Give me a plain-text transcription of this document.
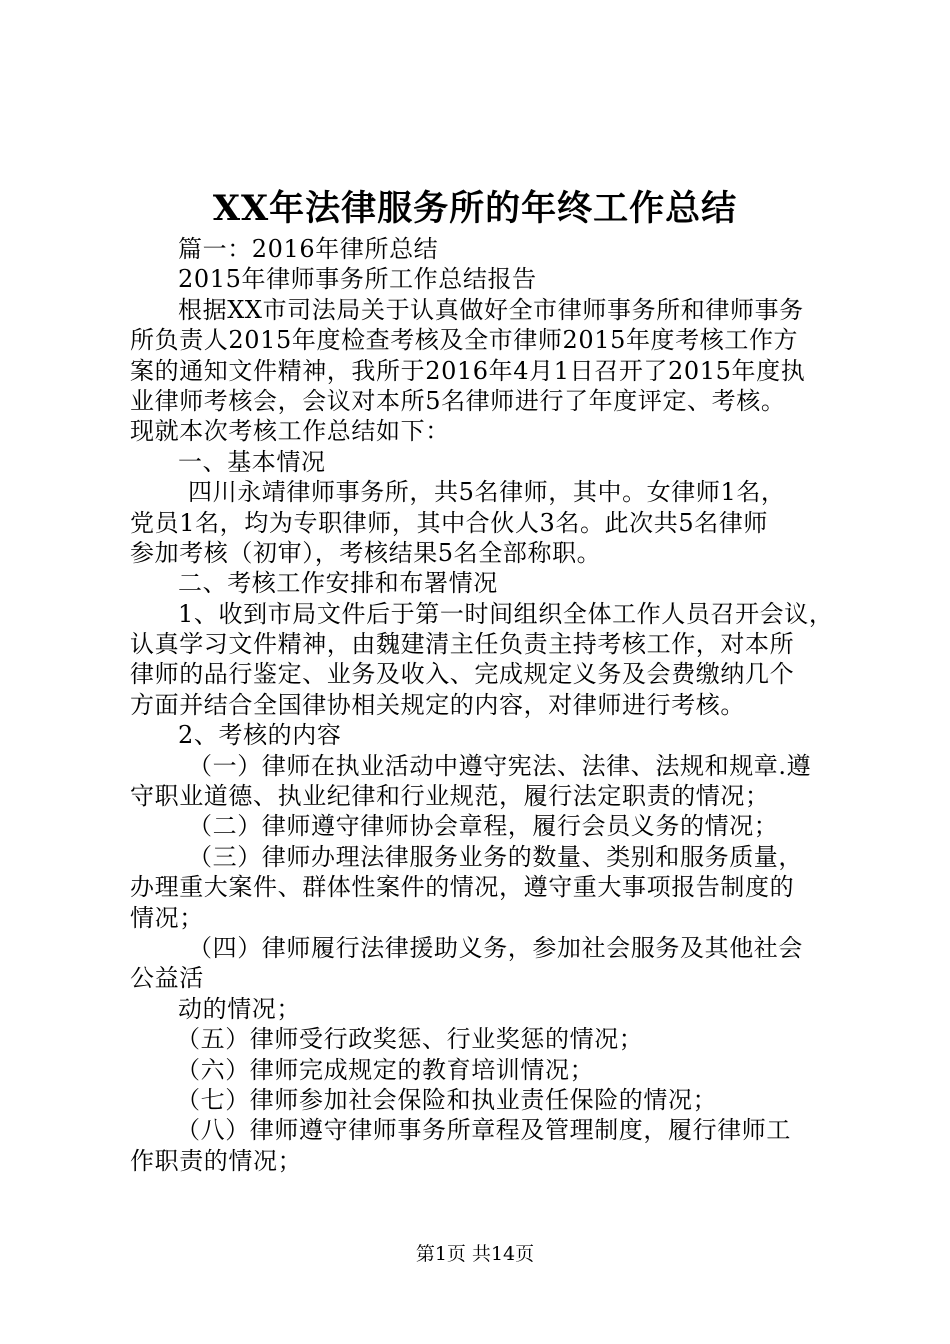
XX年法律服务所的年终工作总结
篇一：2016年律所总结
2015年律师事务所工作总结报告
根据XX市司法局关于认真做好全市律师事务所和律师事务
所负责人2015年度检查考核及全市律师2015年度考核工作方
案的通知文件精神，我所于2016年4月1日召开了2015年度执
业律师考核会，会议对本所5名律师进行了年度评定、考核。
现就本次考核工作总结如下：
一、基本情况
四川永靖律师事务所，共5名律师，其中。女律师1名，
党员1名，均为专职律师，其中合伙人3名。此次共5名律师
参加考核（初审），考核结果5名全部称职。
二、考核工作安排和布署情况
1、收到市局文件后于第一时间组织全体工作人员召开会议，
认真学习文件精神，由魏建清主任负责主持考核工作，对本所
律师的品行鉴定、业务及收入、完成规定义务及会费缴纳几个
方面并结合全国律协相关规定的内容，对律师进行考核。
2、考核的内容
（一）律师在执业活动中遵守宪法、法律、法规和规章.遵
守职业道德、执业纪律和行业规范，履行法定职责的情况；
（二）律师遵守律师协会章程，履行会员义务的情况；
（三）律师办理法律服务业务的数量、类别和服务质量，
办理重大案件、群体性案件的情况，遵守重大事项报告制度的
情况；
（四）律师履行法律援助义务，参加社会服务及其他社会
公益活
动的情况；
（五）律师受行政奖惩、行业奖惩的情况；
（六）律师完成规定的教育培训情况；
（七）律师参加社会保险和执业责任保险的情况；
（八）律师遵守律师事务所章程及管理制度，履行律师工
作职责的情况；
第1页 共14页
